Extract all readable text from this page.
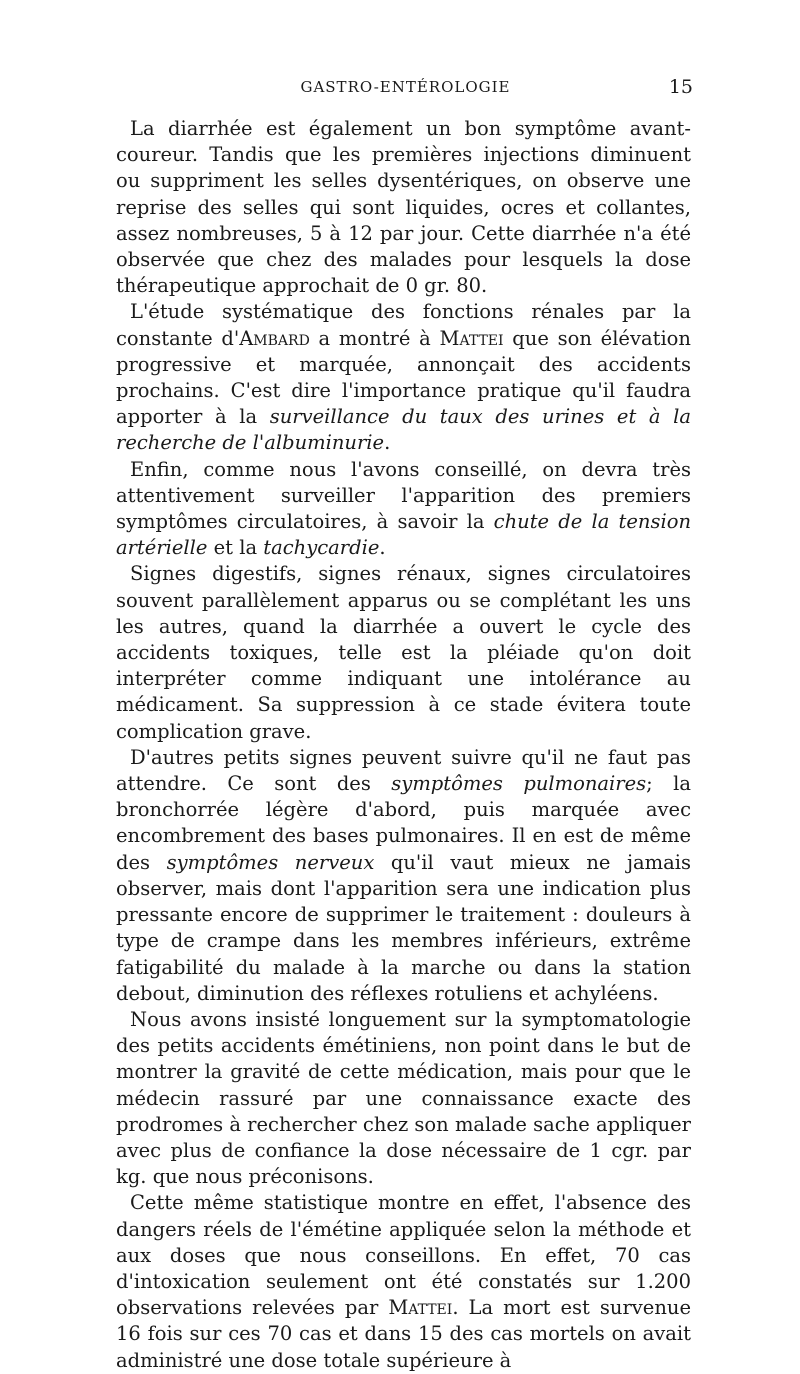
GASTRO-ENTÉROLOGIE	15

La diarrhée est également un bon symptôme avant-coureur. Tandis que les premières injections diminuent ou suppriment les selles dysentériques, on observe une reprise des selles qui sont liquides, ocres et collantes, assez nombreuses, 5 à 12 par jour. Cette diarrhée n'a été observée que chez des malades pour lesquels la dose thérapeutique approchait de 0 gr. 80.

L'étude systématique des fonctions rénales par la constante d'Ambard a montré à Mattei que son élévation progressive et marquée, annonçait des accidents prochains. C'est dire l'importance pratique qu'il faudra apporter à la surveillance du taux des urines et à la recherche de l'albuminurie.

Enfin, comme nous l'avons conseillé, on devra très attentivement surveiller l'apparition des premiers symptômes circulatoires, à savoir la chute de la tension artérielle et la tachycardie.

Signes digestifs, signes rénaux, signes circulatoires souvent parallèlement apparus ou se complétant les uns les autres, quand la diarrhée a ouvert le cycle des accidents toxiques, telle est la pléiade qu'on doit interpréter comme indiquant une intolérance au médicament. Sa suppression à ce stade évitera toute complication grave.

D'autres petits signes peuvent suivre qu'il ne faut pas attendre. Ce sont des symptômes pulmonaires; la bronchorrée légère d'abord, puis marquée avec encombrement des bases pulmonaires. Il en est de même des symptômes nerveux qu'il vaut mieux ne jamais observer, mais dont l'apparition sera une indication plus pressante encore de supprimer le traitement : douleurs à type de crampe dans les membres inférieurs, extrême fatigabilité du malade à la marche ou dans la station debout, diminution des réflexes rotuliens et achyléens.

Nous avons insisté longuement sur la symptomatologie des petits accidents émétiniens, non point dans le but de montrer la gravité de cette médication, mais pour que le médecin rassuré par une connaissance exacte des prodromes à rechercher chez son malade sache appliquer avec plus de confiance la dose nécessaire de 1 cgr. par kg. que nous préconisons.

Cette même statistique montre en effet, l'absence des dangers réels de l'émétine appliquée selon la méthode et aux doses que nous conseillons. En effet, 70 cas d'intoxication seulement ont été constatés sur 1.200 observations relevées par Mattei. La mort est survenue 16 fois sur ces 70 cas et dans 15 des cas mortels on avait administré une dose totale supérieure à
